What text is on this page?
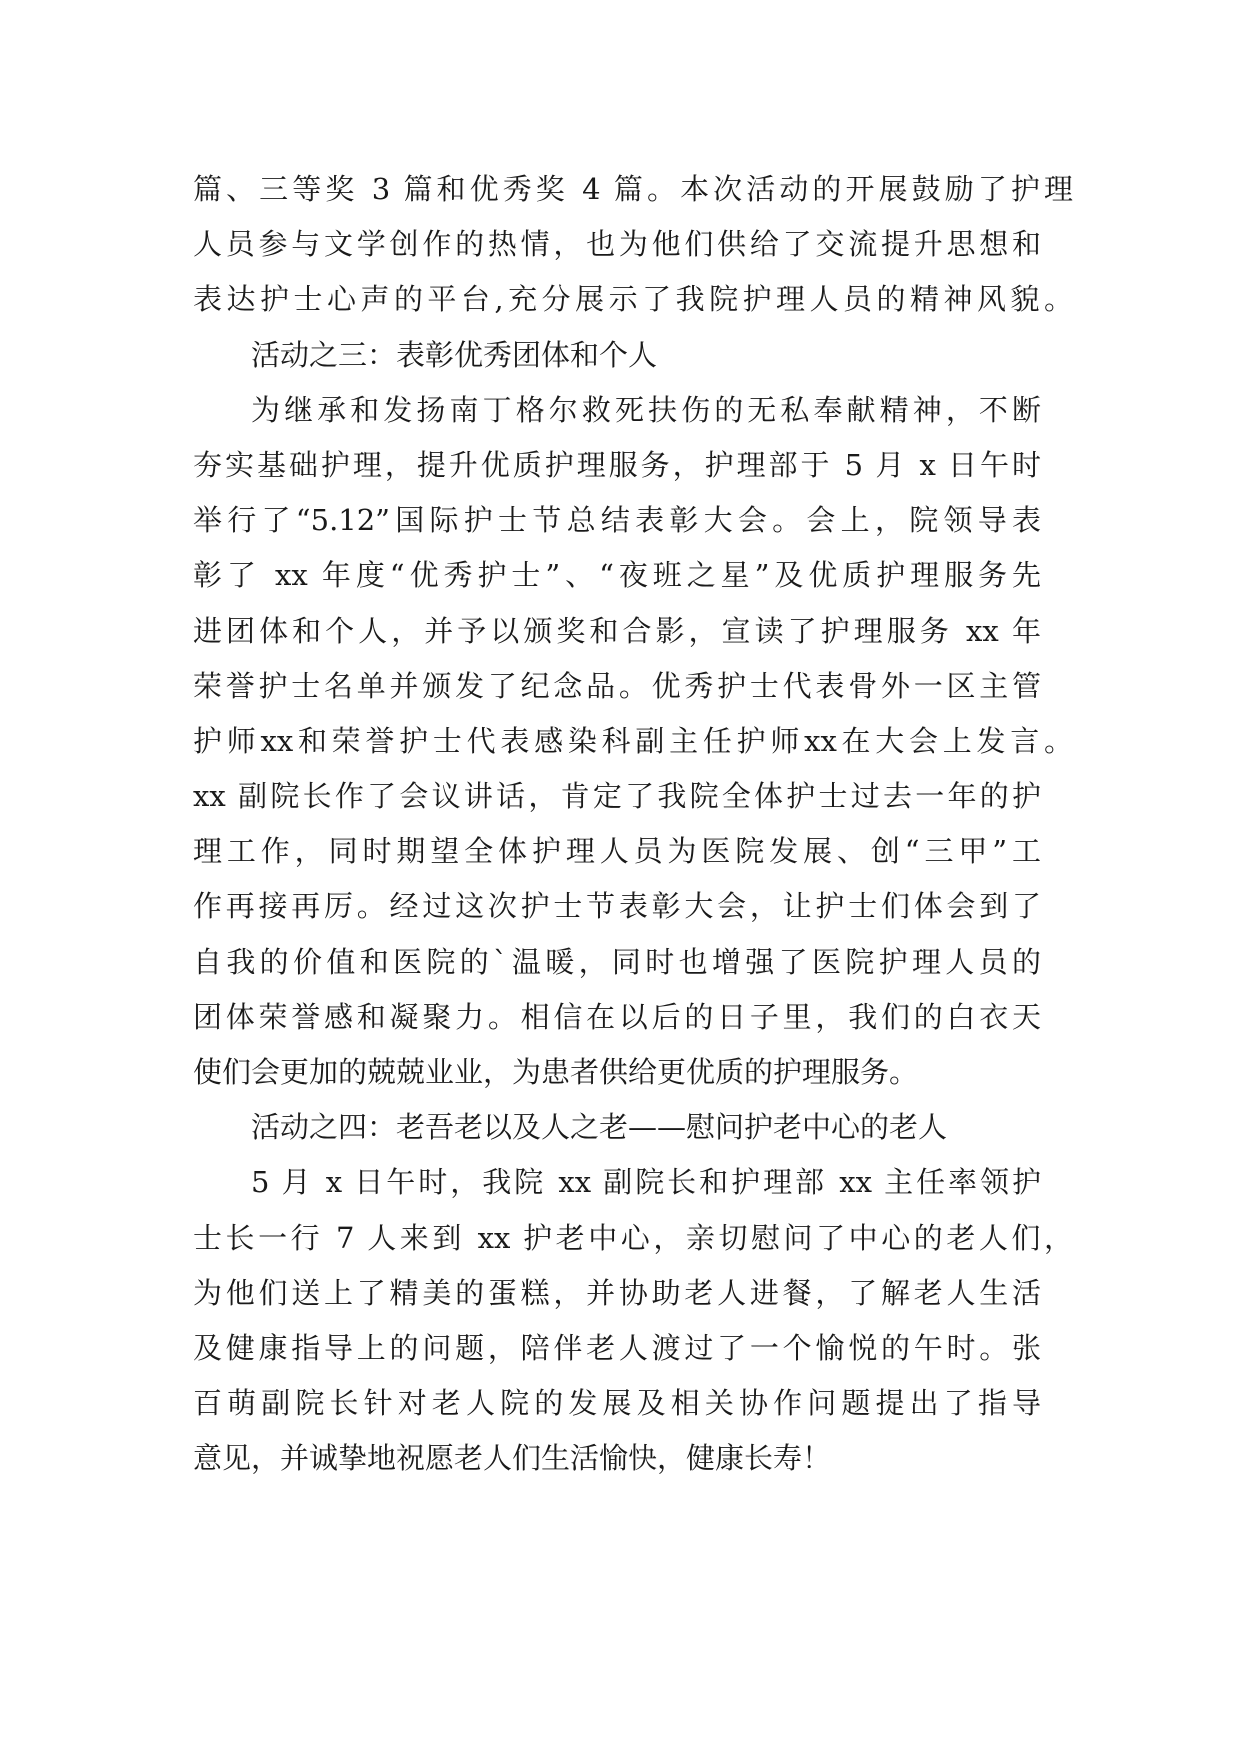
篇、三等奖 3 篇和优秀奖 4 篇。本次活动的开展鼓励了护理
人员参与文学创作的热情，也为他们供给了交流提升思想和
表达护士心声的平台,充分展示了我院护理人员的精神风貌。
活动之三：表彰优秀团体和个人
为继承和发扬南丁格尔救死扶伤的无私奉献精神，不断
夯实基础护理，提升优质护理服务，护理部于 5 月 x 日午时
举行了“5.12”国际护士节总结表彰大会。会上，院领导表
彰了 xx 年度“优秀护士”、“夜班之星”及优质护理服务先
进团体和个人，并予以颁奖和合影，宣读了护理服务 xx 年
荣誉护士名单并颁发了纪念品。优秀护士代表骨外一区主管
护师xx和荣誉护士代表感染科副主任护师xx在大会上发言。
xx 副院长作了会议讲话，肯定了我院全体护士过去一年的护
理工作，同时期望全体护理人员为医院发展、创“三甲”工
作再接再厉。经过这次护士节表彰大会，让护士们体会到了
自我的价值和医院的`温暖，同时也增强了医院护理人员的
团体荣誉感和凝聚力。相信在以后的日子里，我们的白衣天
使们会更加的兢兢业业，为患者供给更优质的护理服务。
活动之四：老吾老以及人之老——慰问护老中心的老人
5 月 x 日午时，我院 xx 副院长和护理部 xx 主任率领护
士长一行 7 人来到 xx 护老中心，亲切慰问了中心的老人们，
为他们送上了精美的蛋糕，并协助老人进餐，了解老人生活
及健康指导上的问题，陪伴老人渡过了一个愉悦的午时。张
百萌副院长针对老人院的发展及相关协作问题提出了指导
意见，并诚挚地祝愿老人们生活愉快，健康长寿！
